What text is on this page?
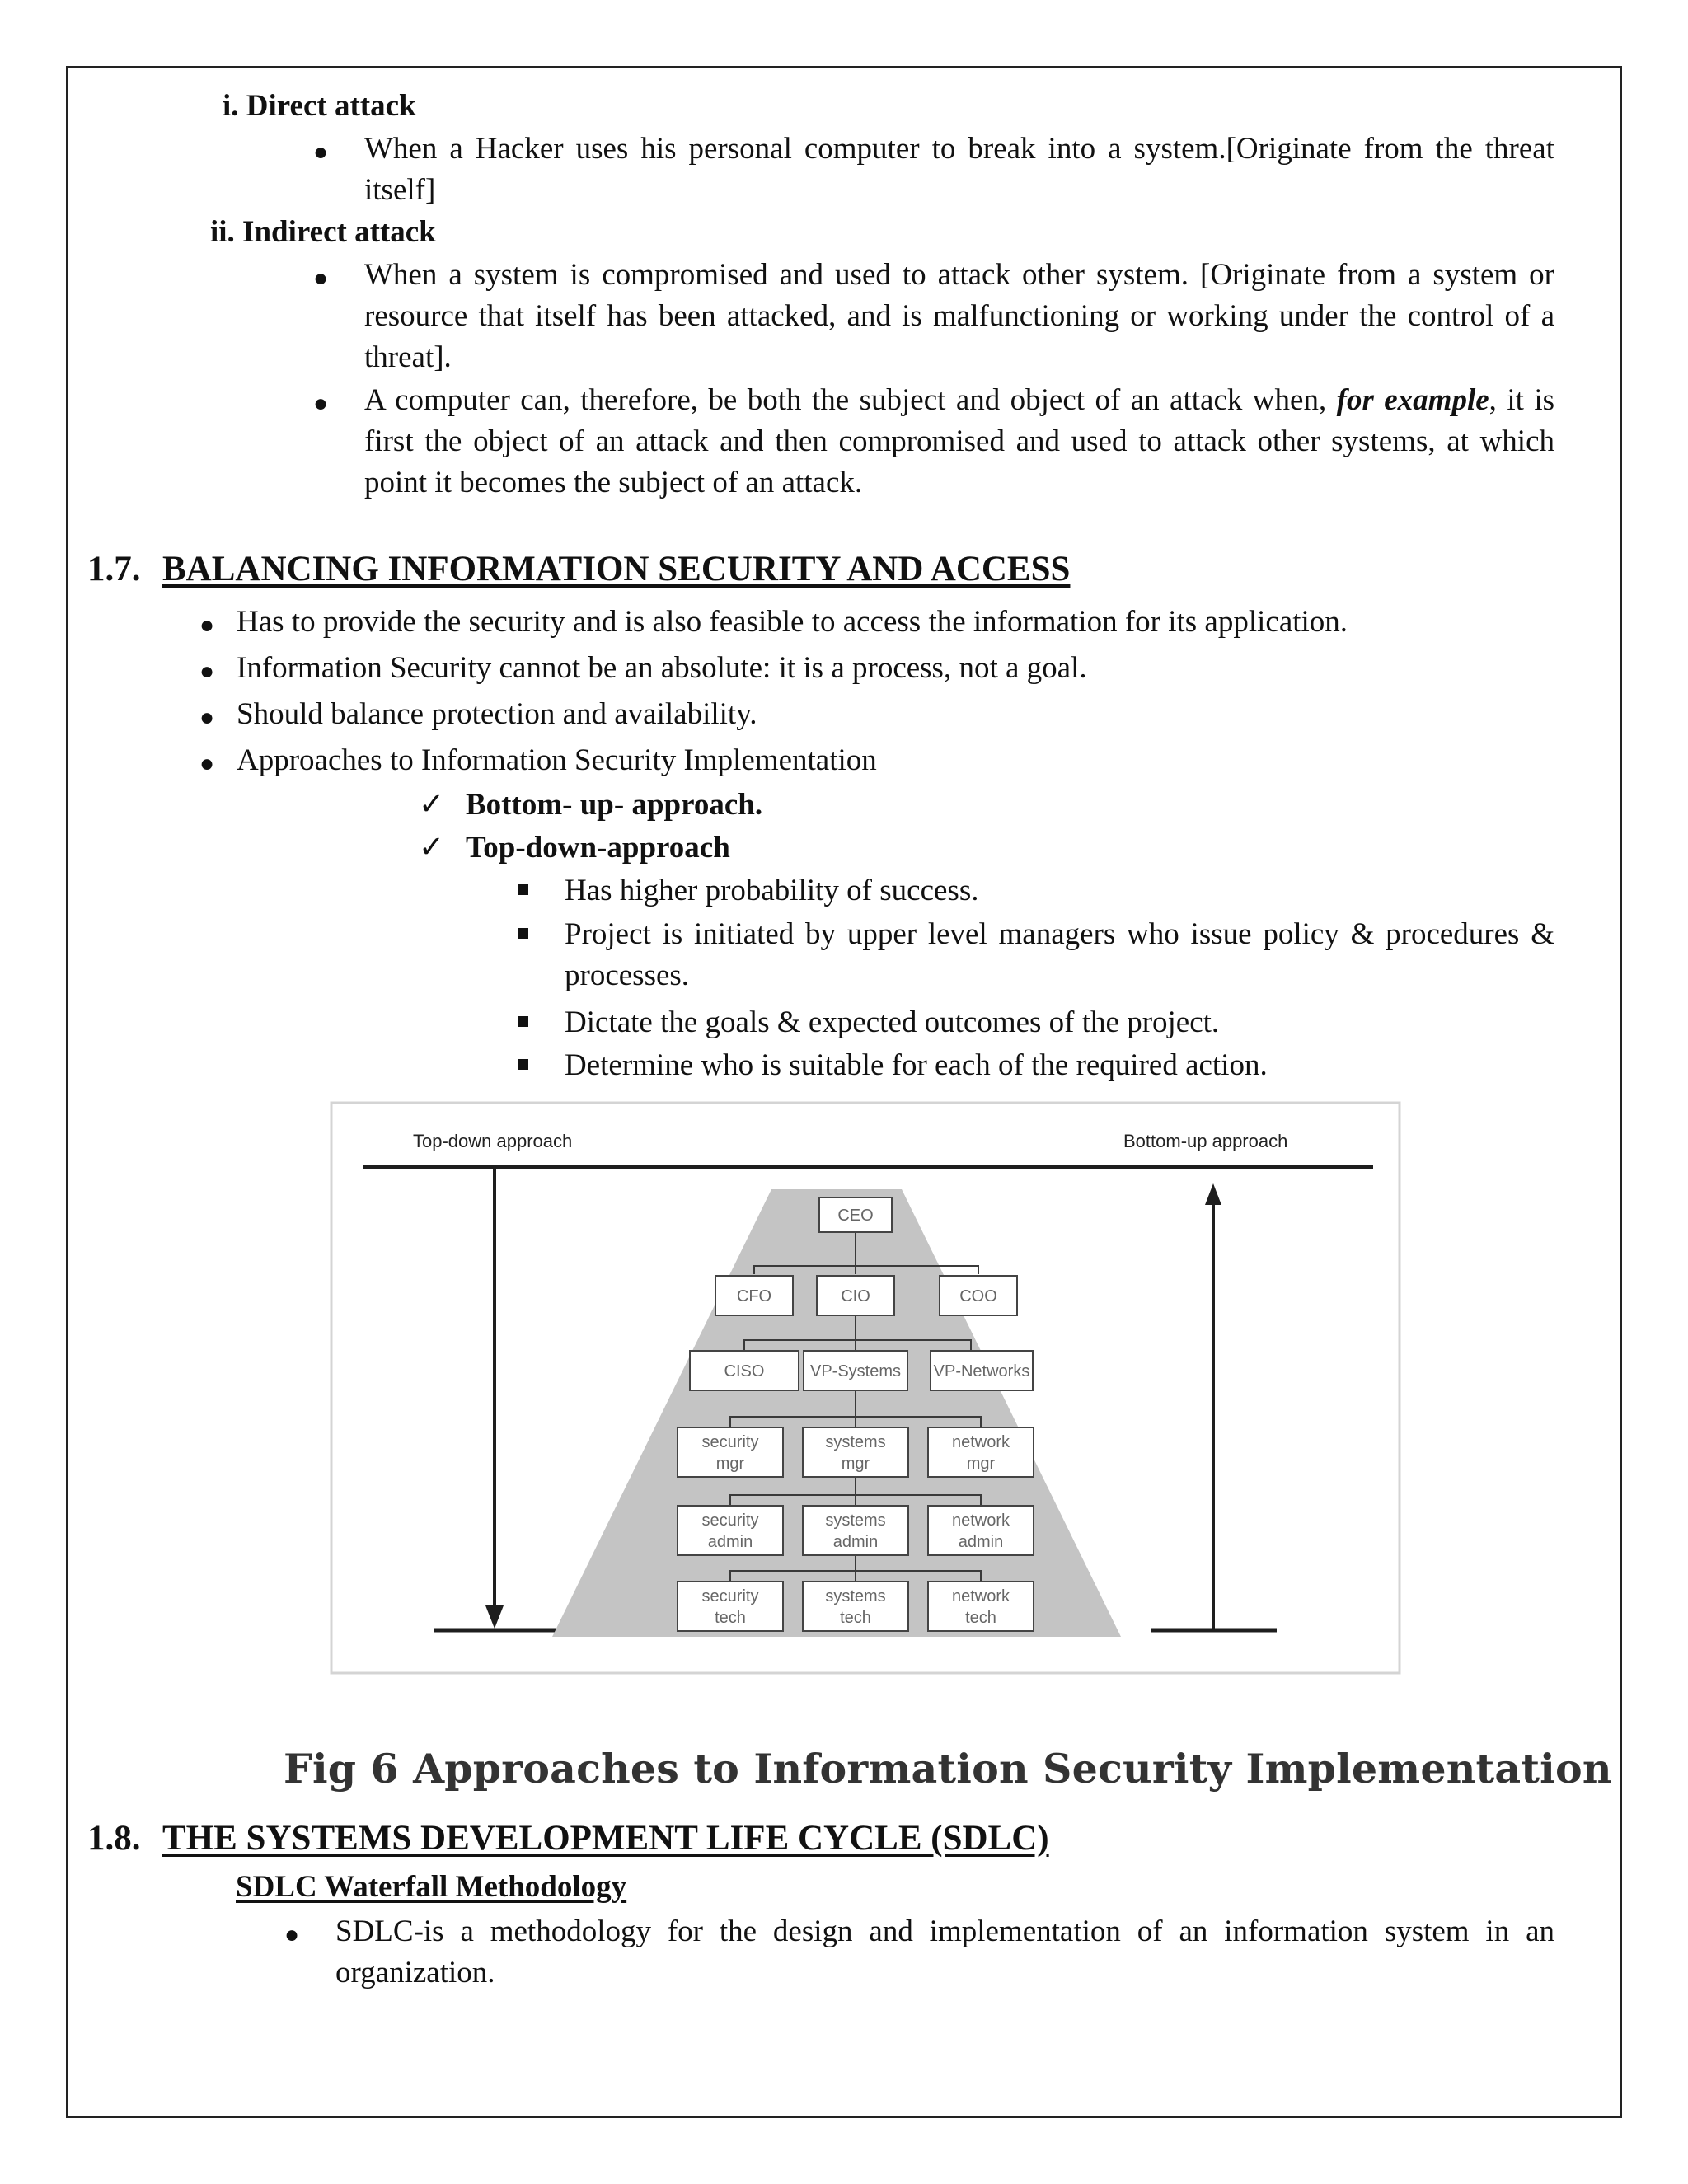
i. Direct attack
● When a Hacker uses his personal computer to break into a system.[Originate from the threat itself]
ii. Indirect attack
● When a system is compromised and used to attack other system. [Originate from a system or resource that itself has been attacked, and is malfunctioning or working under the control of a threat].
● A computer can, therefore, be both the subject and object of an attack when, for example, it is first the object of an attack and then compromised and used to attack other systems, at which point it becomes the subject of an attack.
1.7. BALANCING INFORMATION SECURITY AND ACCESS
● Has to provide the security and is also feasible to access the information for its application.
● Information Security cannot be an absolute: it is a process, not a goal.
● Should balance protection and availability.
● Approaches to Information Security Implementation
✓ Bottom- up- approach.
✓ Top-down-approach
Has higher probability of success.
Project is initiated by upper level managers who issue policy & procedures & processes.
Dictate the goals & expected outcomes of the project.
Determine who is suitable for each of the required action.
Top-down approach	Bottom-up approach
CEO
CFO	CIO	COO
CISO	VP-Systems VP-Networks
security
mgr
systems
mgr
network
mgr
security
admin
systems
admin
network
admin
security
tech
systems
tech
network
tech
Fig 6 Approaches to Information Security Implementation
1.8. THE SYSTEMS DEVELOPMENT LIFE CYCLE (SDLC)
SDLC Waterfall Methodology
● SDLC-is a methodology for the design and implementation of an information system in an organization.
